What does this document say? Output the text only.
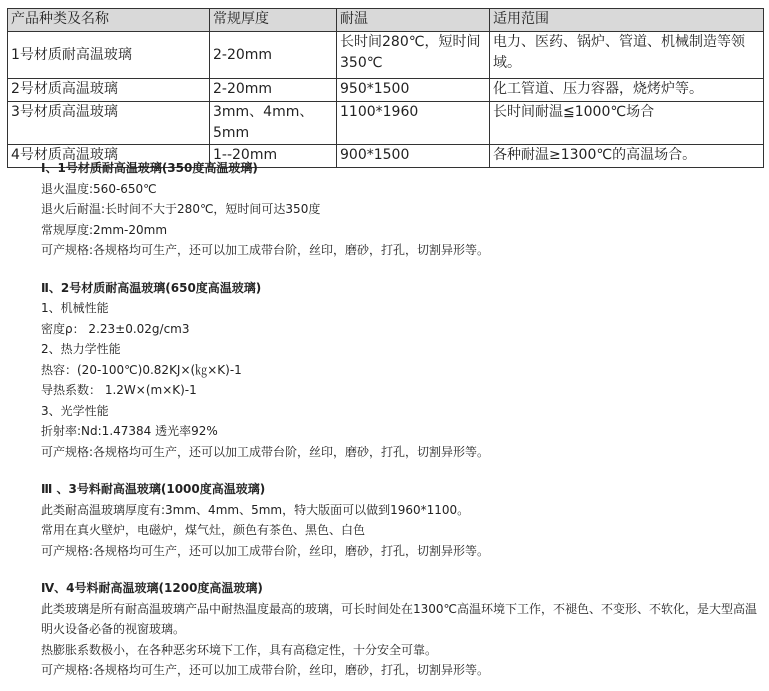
产品种类及名称	常规厚度	耐温	适用范围
1号材质耐高温玻璃	2-20mm	长时间280℃，短时间350℃	电力、医药、锅炉、管道、机械制造等领域。
2号材质高温玻璃	2-20mm	950*1500	化工管道、压力容器，烧烤炉等。
3号材质高温玻璃	3mm、4mm、5mm	1100*1960	长时间耐温≦1000℃场合
4号材质高温玻璃	1--20mm	900*1500	各种耐温≥1300℃的高温场合。
Ⅰ、1号材质耐高温玻璃(350度高温玻璃)
退火温度:560-650℃
退火后耐温:长时间不大于280℃，短时间可达350度
常规厚度:2mm-20mm
可产规格:各规格均可生产，还可以加工成带台阶，丝印，磨砂，打孔，切割异形等。
Ⅱ、2号材质耐高温玻璃(650度高温玻璃)
1、机械性能
密度ρ： 2.23±0.02g/cm3
2、热力学性能
热容：(20-100℃)0.82KJ×(㎏×K)-1
导热系数： 1.2W×(m×K)-1
3、光学性能
折射率:Nd:1.47384 透光率92%
可产规格:各规格均可生产，还可以加工成带台阶，丝印，磨砂，打孔，切割异形等。
Ⅲ 、3号料耐高温玻璃(1000度高温玻璃)
此类耐高温玻璃厚度有:3mm、4mm、5mm，特大版面可以做到1960*1100。
常用在真火壁炉，电磁炉，煤气灶，颜色有茶色、黑色、白色
可产规格:各规格均可生产，还可以加工成带台阶，丝印，磨砂，打孔，切割异形等。
Ⅳ、4号料耐高温玻璃(1200度高温玻璃)
此类玻璃是所有耐高温玻璃产品中耐热温度最高的玻璃，可长时间处在1300℃高温环境下工作，不褪色、不变形、不软化，是大型高温明火设备必备的视窗玻璃。
热膨胀系数极小，在各种恶劣环境下工作，具有高稳定性，十分安全可靠。
可产规格:各规格均可生产，还可以加工成带台阶，丝印，磨砂，打孔，切割异形等。
